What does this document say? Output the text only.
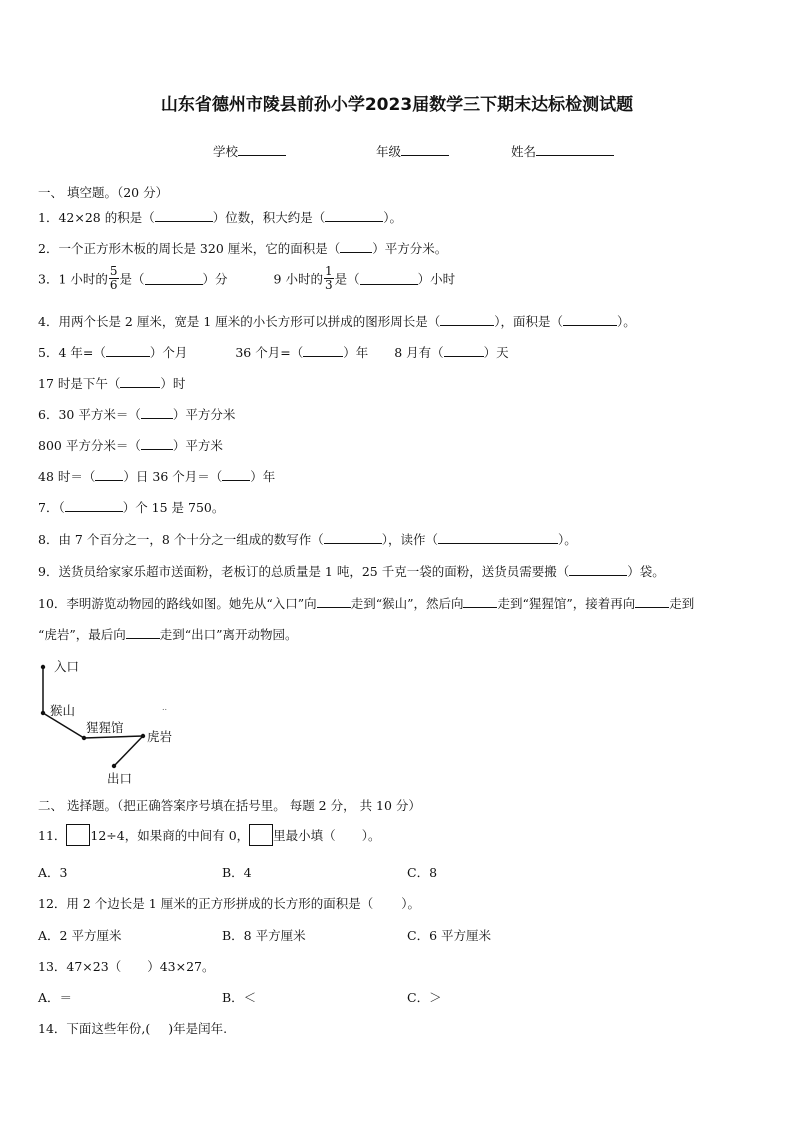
山东省德州市陵县前孙小学2023届数学三下期末达标检测试题
学校	年级	姓名
一、 填空题。（20 分）
1．42×28 的积是（	）位数，积大约是（	）。
2．一个正方形木板的周长是 320 厘米，它的面积是（	）平方分米。
3．1 小时的 $\frac{5}{6}$ 是（	）分	9 小时的 $\frac{1}{3}$ 是（	）小时
4．用两个长是 2 厘米，宽是 1 厘米的小长方形可以拼成的图形周长是（	），面积是（	）。
5．4 年=（	）个月	36 个月=（	）年 8 月有（	）天
17 时是下午（	）时
6．30 平方米＝（	）平方分米
800 平方分米＝（	）平方米
48 时＝（ ）日 36 个月＝（ ）年
7．（	）个 15 是 750。
8．由 7 个百分之一，8 个十分之一组成的数写作（	），读作（	）。
9．送货员给家家乐超市送面粉，老板订的总质量是 1 吨，25 千克一袋的面粉，送货员需要搬（	）袋。
10．李明游览动物园的路线如图。她先从“入口”向	走到“猴山”，然后向	走到“猩猩馆”，接着再向	走到
“虎岩”，最后向	走到“出口”离开动物园。
..
入口
猴山
猩猩馆
虎岩
出口
二、 选择题。（把正确答案序号填在括号里。 每题 2 分， 共 10 分）
11． 12÷4，如果商的中间有 0， 里最小填（ ）。
A．3	B．4	C．8
12．用 2 个边长是 1 厘米的正方形拼成的长方形的面积是（ ）。
A．2 平方厘米	B．8 平方厘米	C．6 平方厘米
13．47×23（ ）43×27。
A．＝	B．＜	C．＞
14．下面这些年份,( )年是闰年.
